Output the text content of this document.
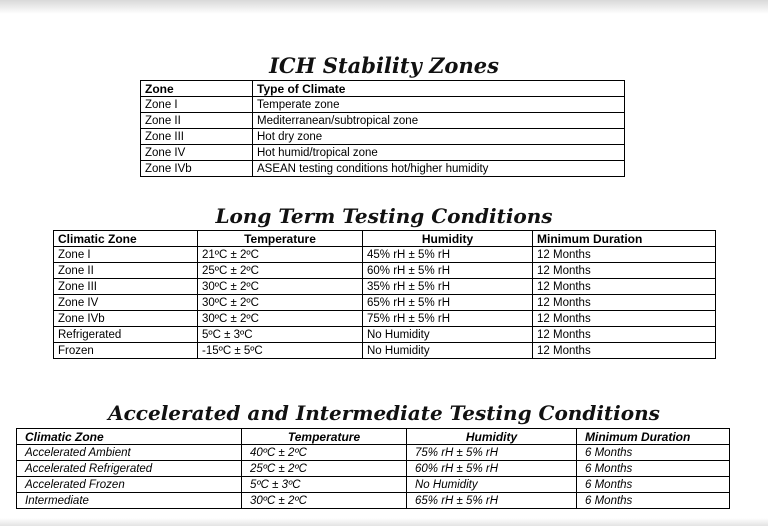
ICH Stability Zones
Zone	Type of Climate
Zone I	Temperate zone
Zone II	Mediterranean/subtropical zone
Zone III	Hot dry zone
Zone IV	Hot humid/tropical zone
Zone IVb	ASEAN testing conditions hot/higher humidity
Long Term Testing Conditions
Climatic Zone	Temperature	Humidity	Minimum Duration
Zone I	21ºC ± 2ºC	45% rH ± 5% rH	12 Months
Zone II	25ºC ± 2ºC	60% rH ± 5% rH	12 Months
Zone III	30ºC ± 2ºC	35% rH ± 5% rH	12 Months
Zone IV	30ºC ± 2ºC	65% rH ± 5% rH	12 Months
Zone IVb	30ºC ± 2ºC	75% rH ± 5% rH	12 Months
Refrigerated	5ºC ± 3ºC	No Humidity	12 Months
Frozen	-15ºC ± 5ºC	No Humidity	12 Months
Accelerated and Intermediate Testing Conditions
Climatic Zone	Temperature	Humidity	Minimum Duration
Accelerated Ambient	40ºC ± 2ºC	75% rH ± 5% rH	6 Months
Accelerated Refrigerated	25ºC ± 2ºC	60% rH ± 5% rH	6 Months
Accelerated Frozen	5ºC ± 3ºC	No Humidity	6 Months
Intermediate	30ºC ± 2ºC	65% rH ± 5% rH	6 Months
